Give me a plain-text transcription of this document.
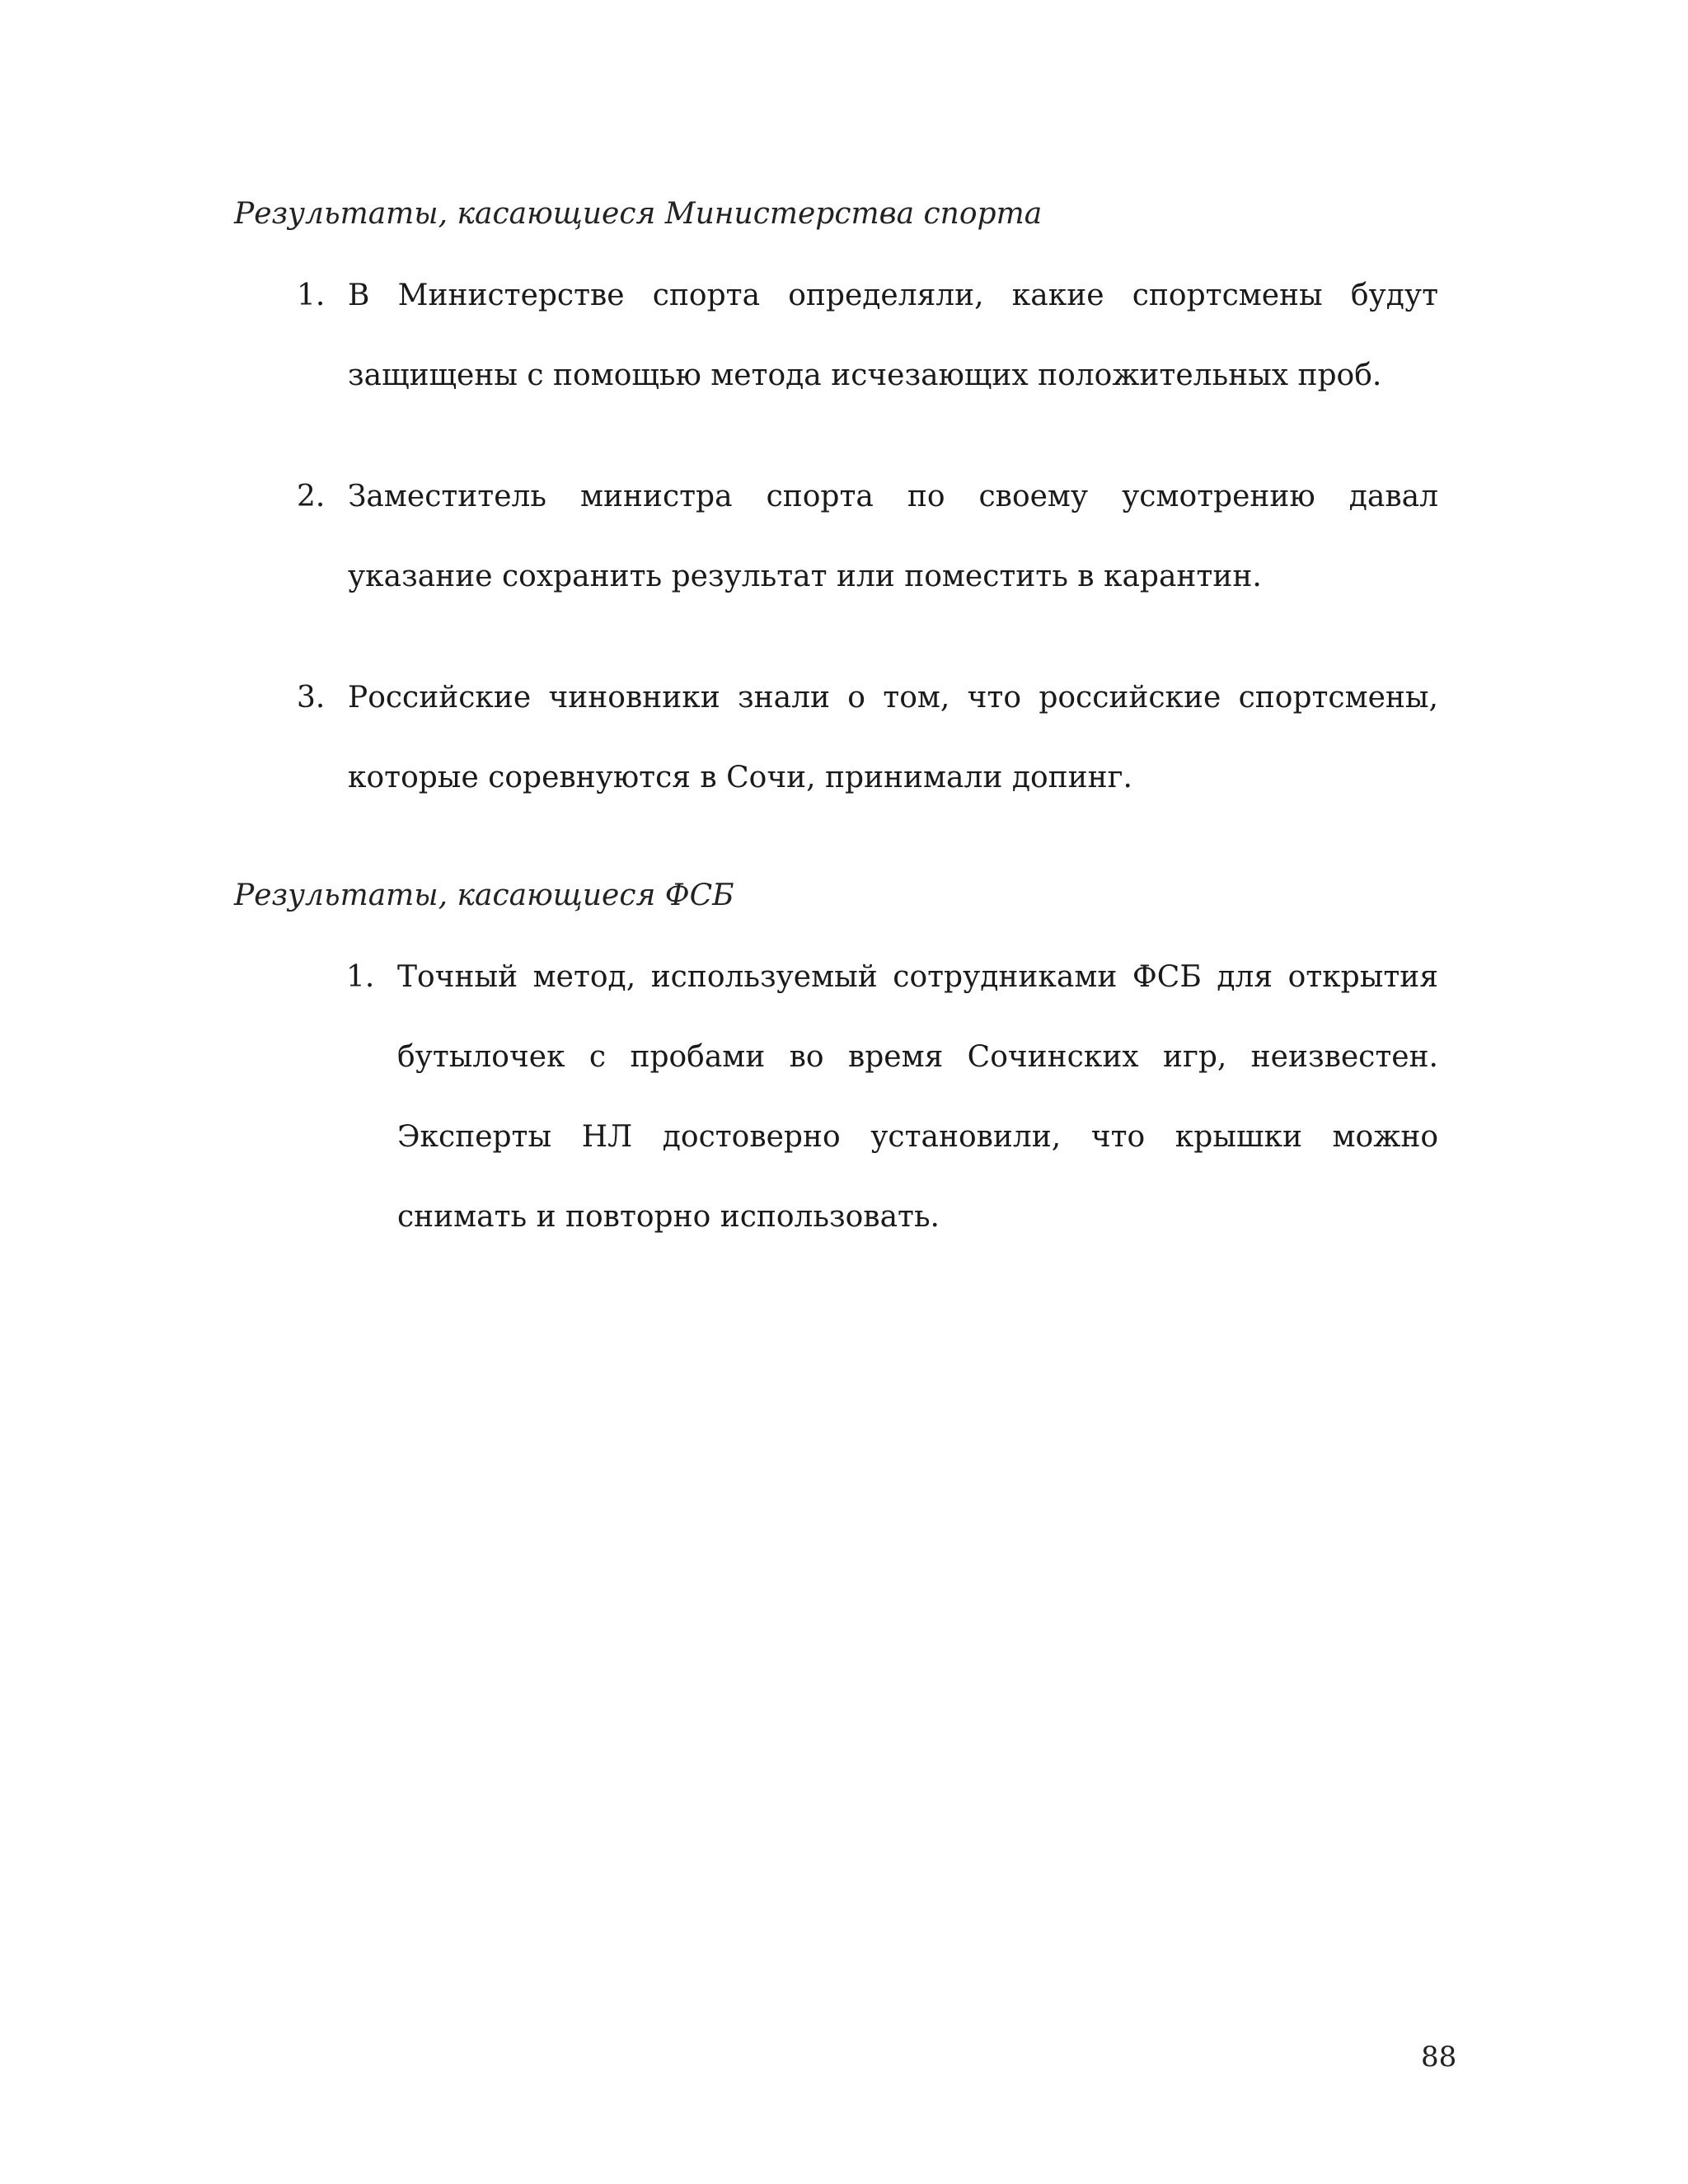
Результаты, касающиеся Министерства спорта
1. В Министерстве спорта определяли, какие спортсмены будут защищены с помощью метода исчезающих положительных проб.
2. Заместитель министра спорта по своему усмотрению давал указание сохранить результат или поместить в карантин.
3. Российские чиновники знали о том, что российские спортсмены, которые соревнуются в Сочи, принимали допинг.
Результаты, касающиеся ФСБ
1. Точный метод, используемый сотрудниками ФСБ для открытия бутылочек с пробами во время Сочинских игр, неизвестен. Эксперты НЛ достоверно установили, что крышки можно снимать и повторно использовать.
88
